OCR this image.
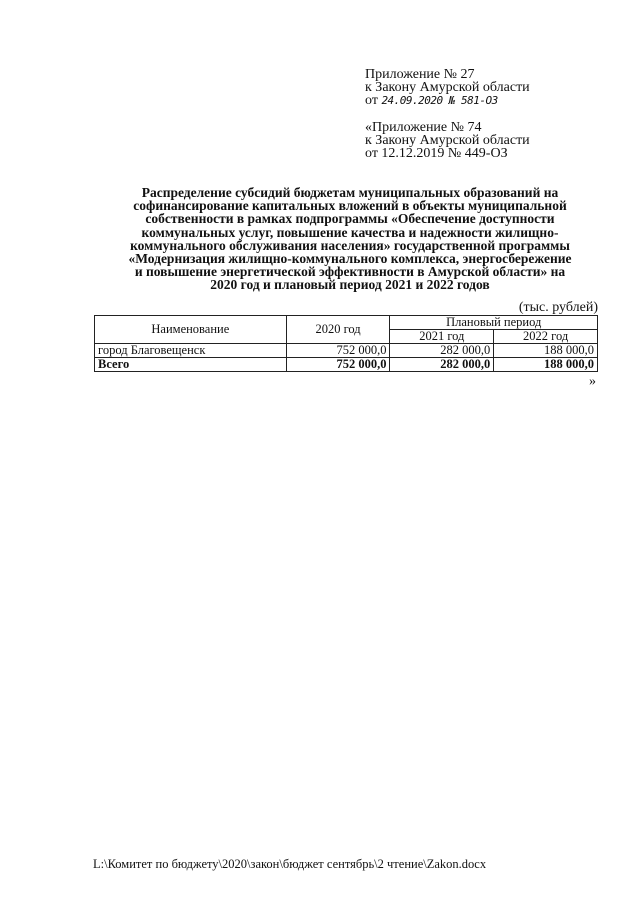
Приложение № 27
к Закону Амурской области
от 24.09.2020 № 581-ОЗ
«Приложение № 74
к Закону Амурской области
от 12.12.2019 № 449-ОЗ
Распределение субсидий бюджетам муниципальных образований на
софинансирование капитальных вложений в объекты муниципальной
собственности в рамках подпрограммы «Обеспечение доступности
коммунальных услуг, повышение качества и надежности жилищно-
коммунального обслуживания населения» государственной программы
«Модернизация жилищно-коммунального комплекса, энергосбережение
и повышение энергетической эффективности в Амурской области» на
2020 год и плановый период 2021 и 2022 годов
(тыс. рублей)
Наименование	2020 год	Плановый период	
		2021 год	2022 год
город Благовещенск	752 000,0	282 000,0	188 000,0
Всего	752 000,0	282 000,0	188 000,0
»
L:\Комитет по бюджету\2020\закон\бюджет сентябрь\2 чтение\Zakon.docx
